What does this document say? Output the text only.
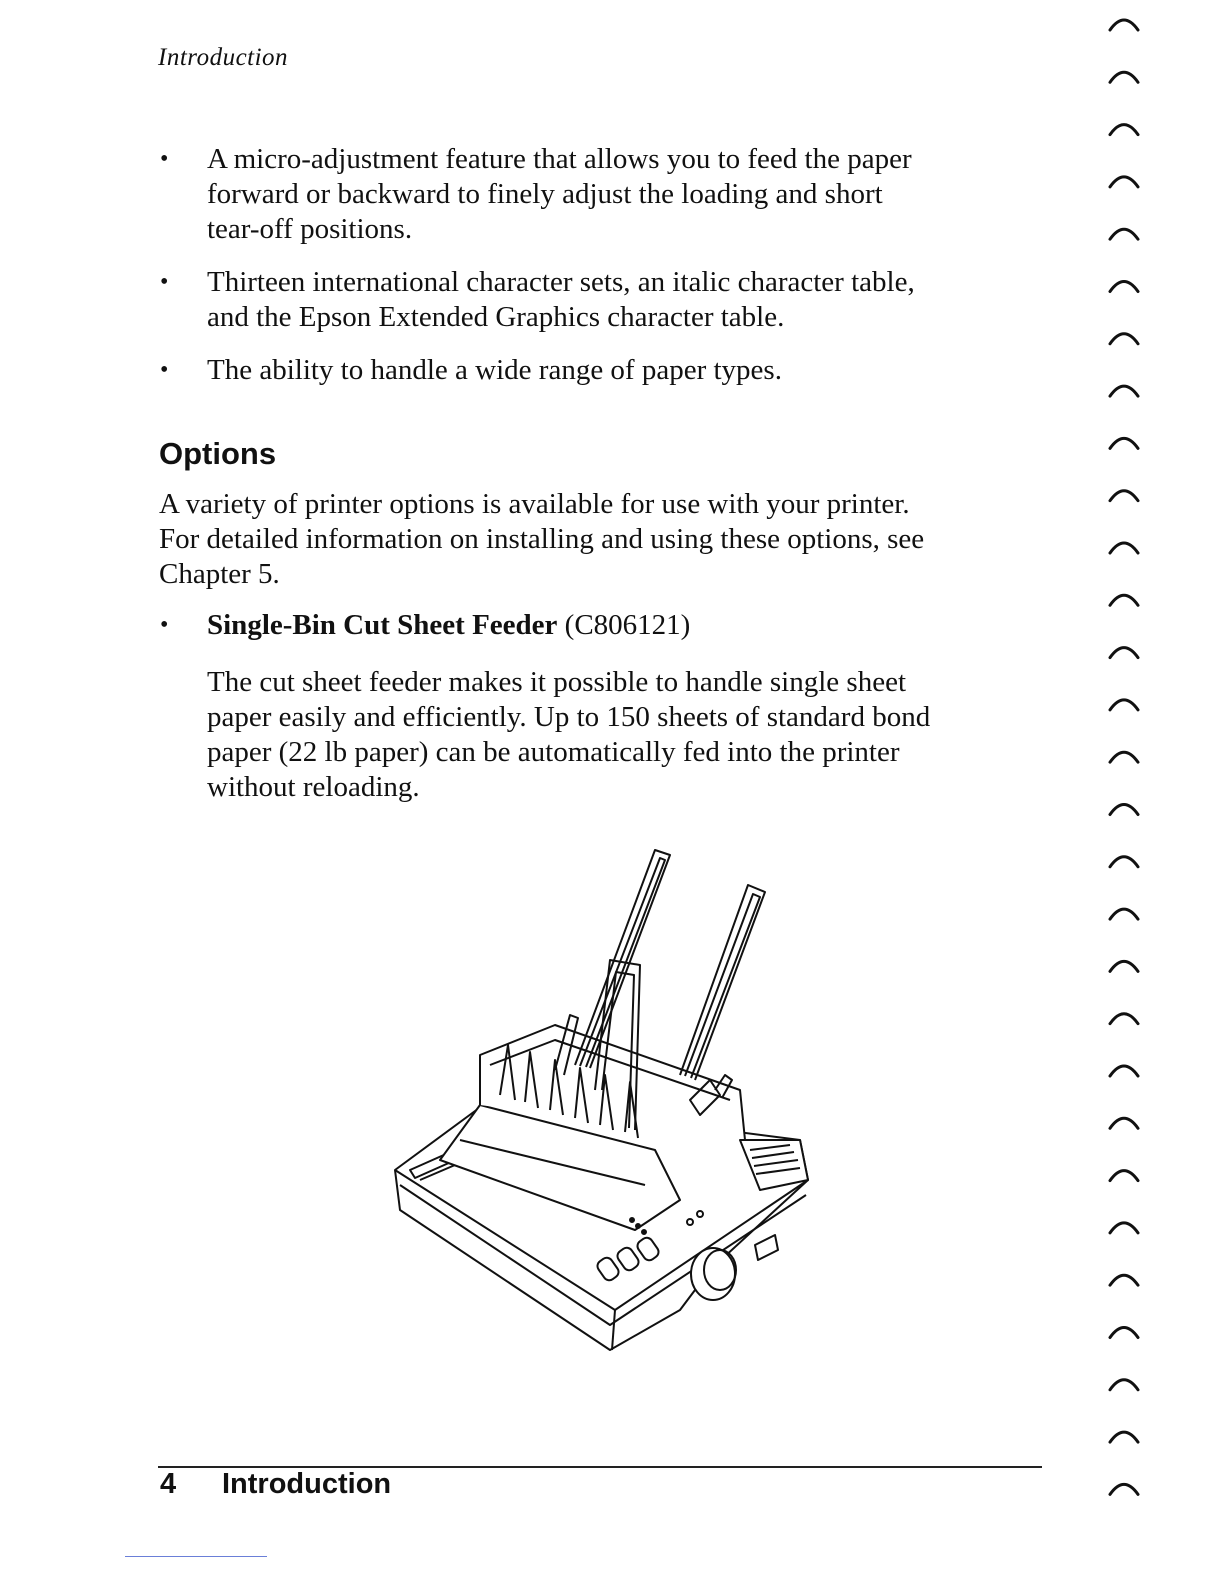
Introduction
• A micro-adjustment feature that allows you to feed the paper
forward or backward to finely adjust the loading and short
tear-off positions.
• Thirteen international character sets, an italic character table,
and the Epson Extended Graphics character table.
• The ability to handle a wide range of paper types.
Options

A variety of printer options is available for use with your printer.
For detailed information on installing and using these options, see
Chapter 5.

• Single-Bin Cut Sheet Feeder (C806121)

The cut sheet feeder makes it possible to handle single sheet
paper easily and efficiently. Up to 150 sheets of standard bond
paper (22 lb paper) can be automatically fed into the printer
without reloading.

4 Introduction
